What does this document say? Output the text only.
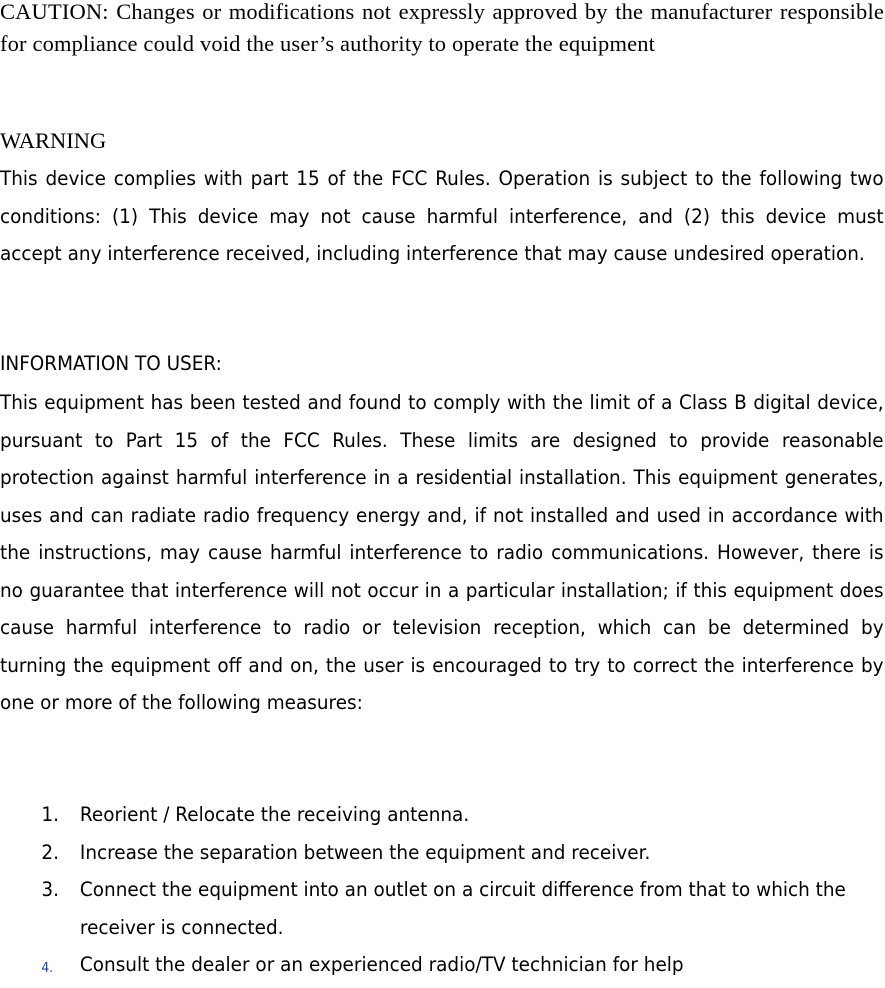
CAUTION: Changes or modifications not expressly approved by the manufacturer responsible for compliance could void the user’s authority to operate the equipment

WARNING

This device complies with part 15 of the FCC Rules. Operation is subject to the following two conditions: (1) This device may not cause harmful interference, and (2) this device must accept any interference received, including interference that may cause undesired operation.

INFORMATION TO USER:

This equipment has been tested and found to comply with the limit of a Class B digital device, pursuant to Part 15 of the FCC Rules. These limits are designed to provide reasonable protection against harmful interference in a residential installation. This equipment generates, uses and can radiate radio frequency energy and, if not installed and used in accordance with the instructions, may cause harmful interference to radio communications. However, there is no guarantee that interference will not occur in a particular installation; if this equipment does cause harmful interference to radio or television reception, which can be determined by turning the equipment off and on, the user is encouraged to try to correct the interference by one or more of the following measures:

1. Reorient / Relocate the receiving antenna.
2. Increase the separation between the equipment and receiver.
3. Connect the equipment into an outlet on a circuit difference from that to which the receiver is connected.
4. Consult the dealer or an experienced radio/TV technician for help
